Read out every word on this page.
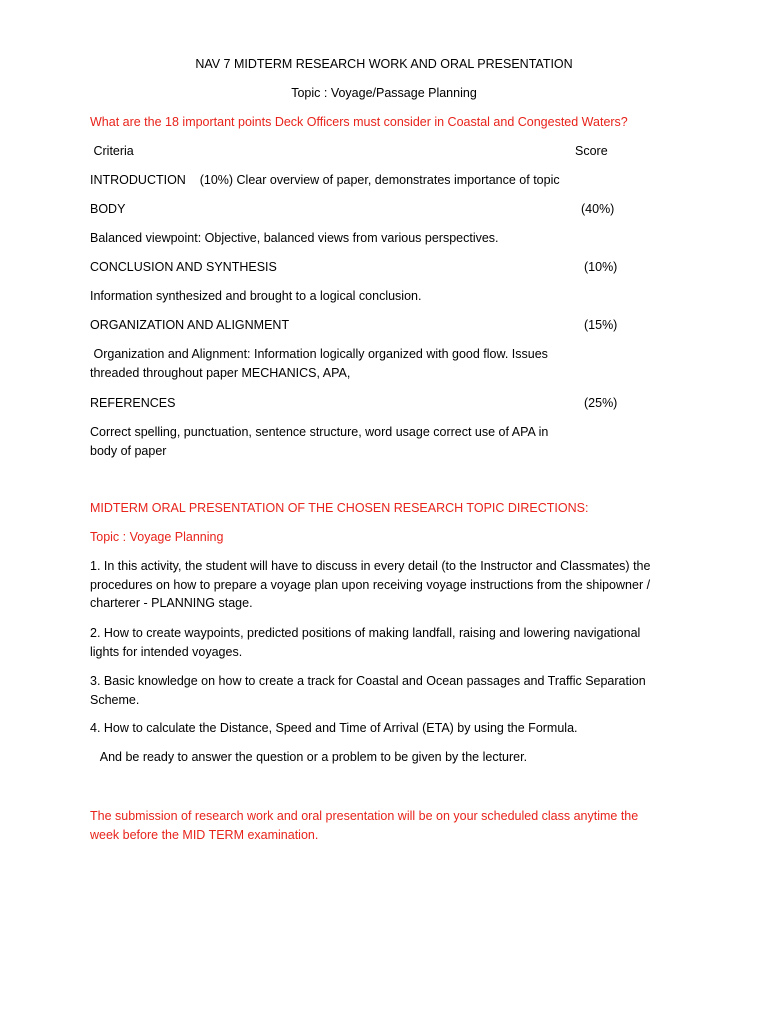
NAV 7 MIDTERM RESEARCH WORK AND ORAL PRESENTATION
Topic : Voyage/Passage Planning
What are the 18 important points Deck Officers must consider in Coastal and Congested Waters?
Criteria	Score
INTRODUCTION    (10%) Clear overview of paper, demonstrates importance of topic
BODY	(40%)
Balanced viewpoint: Objective, balanced views from various perspectives.
CONCLUSION AND SYNTHESIS	(10%)
Information synthesized and brought to a logical conclusion.
ORGANIZATION AND ALIGNMENT	(15%)
Organization and Alignment: Information logically organized with good flow. Issues threaded throughout paper MECHANICS, APA,
REFERENCES	(25%)
Correct spelling, punctuation, sentence structure, word usage correct use of APA in body of paper
MIDTERM ORAL PRESENTATION OF THE CHOSEN RESEARCH TOPIC DIRECTIONS:
Topic : Voyage Planning
1. In this activity, the student will have to discuss in every detail (to the Instructor and Classmates) the procedures on how to prepare a voyage plan upon receiving voyage instructions from the shipowner / charterer - PLANNING stage.
2. How to create waypoints, predicted positions of making landfall, raising and lowering navigational lights for intended voyages.
3. Basic knowledge on how to create a track for Coastal and Ocean passages and Traffic Separation Scheme.
4. How to calculate the Distance, Speed and Time of Arrival (ETA) by using the Formula.
And be ready to answer the question or a problem to be given by the lecturer.
The submission of research work and oral presentation will be on your scheduled class anytime the week before the MID TERM examination.
